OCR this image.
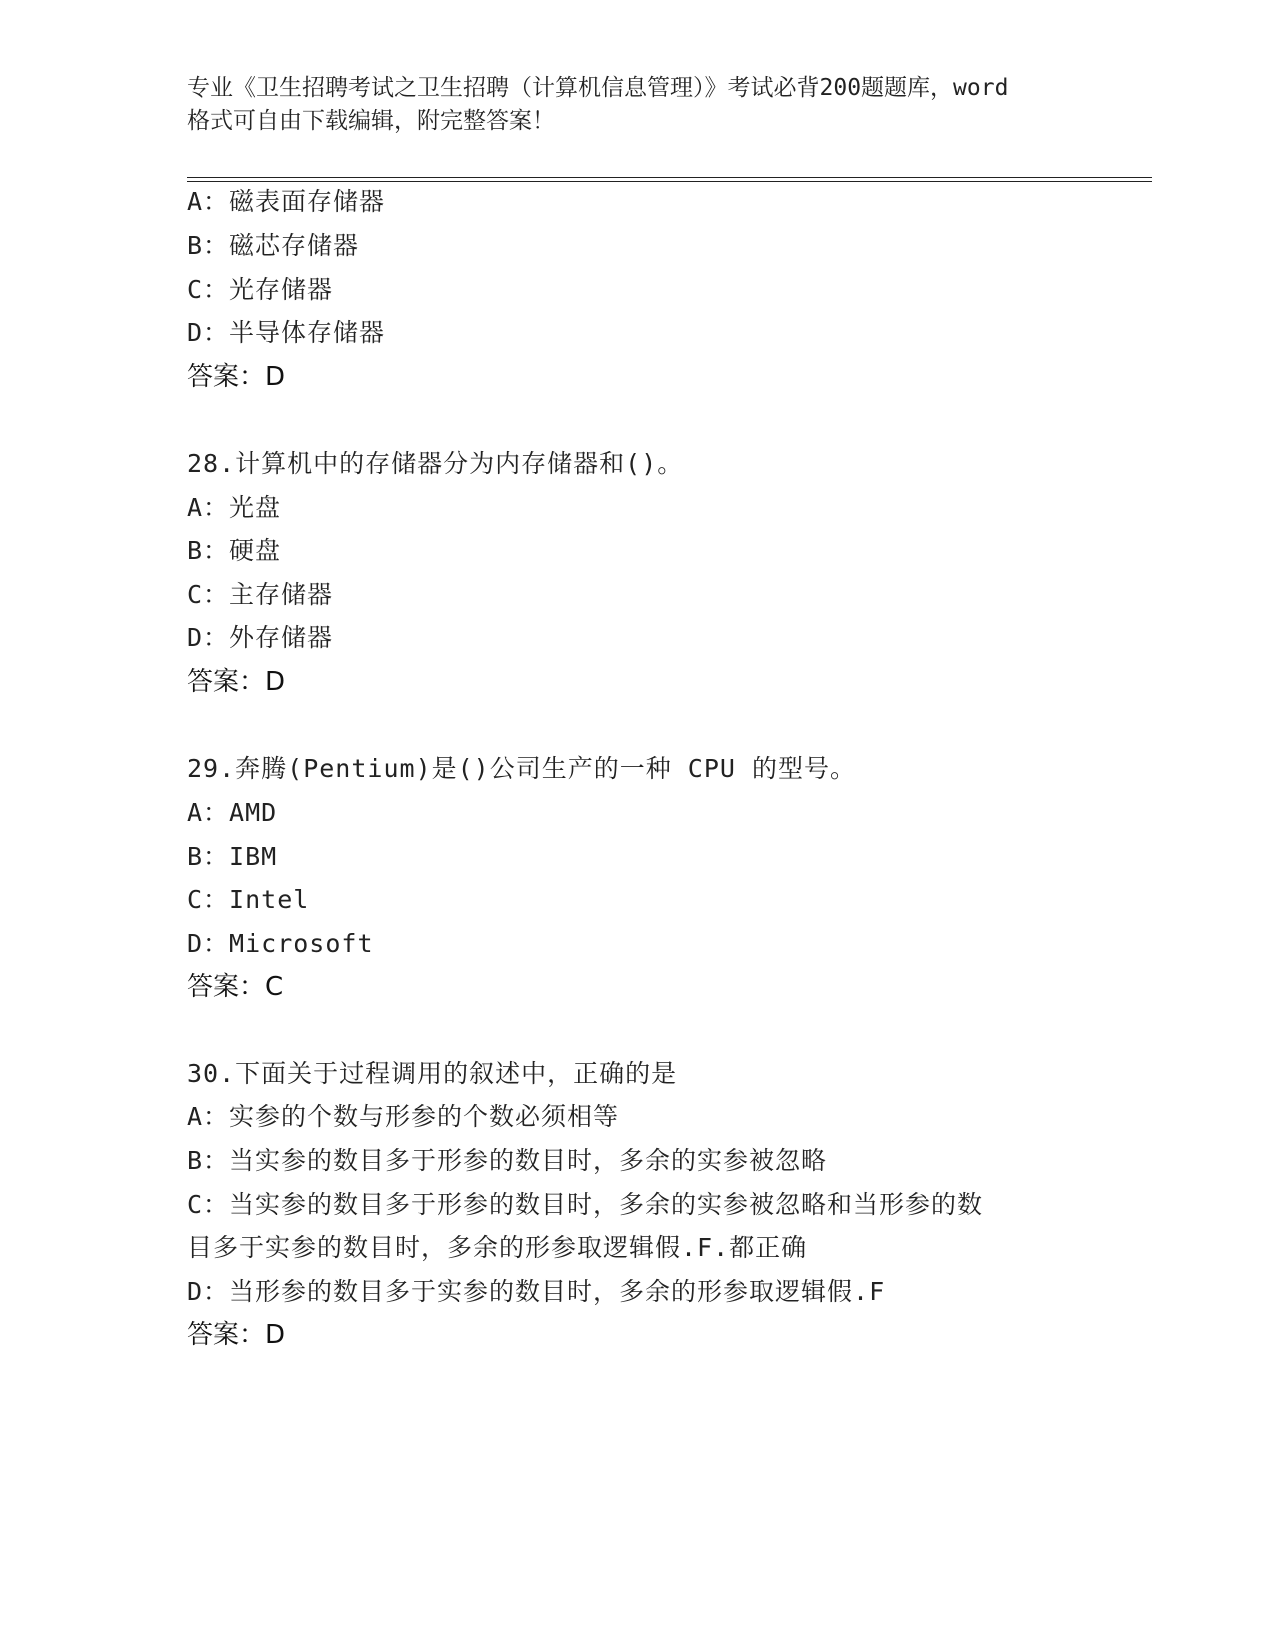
专业《卫生招聘考试之卫生招聘（计算机信息管理）》考试必背200题题库，word
格式可自由下载编辑，附完整答案！
A：磁表面存储器
B：磁芯存储器
C：光存储器
D：半导体存储器
答案：D
28.计算机中的存储器分为内存储器和()。
A：光盘
B：硬盘
C：主存储器
D：外存储器
答案：D
29.奔腾(Pentium)是()公司生产的一种 CPU 的型号。
A：AMD
B：IBM
C：Intel
D：Microsoft
答案：C
30.下面关于过程调用的叙述中，正确的是
A：实参的个数与形参的个数必须相等
B：当实参的数目多于形参的数目时，多余的实参被忽略
C：当实参的数目多于形参的数目时，多余的实参被忽略和当形参的数
目多于实参的数目时，多余的形参取逻辑假.F.都正确
D：当形参的数目多于实参的数目时，多余的形参取逻辑假.F
答案：D
